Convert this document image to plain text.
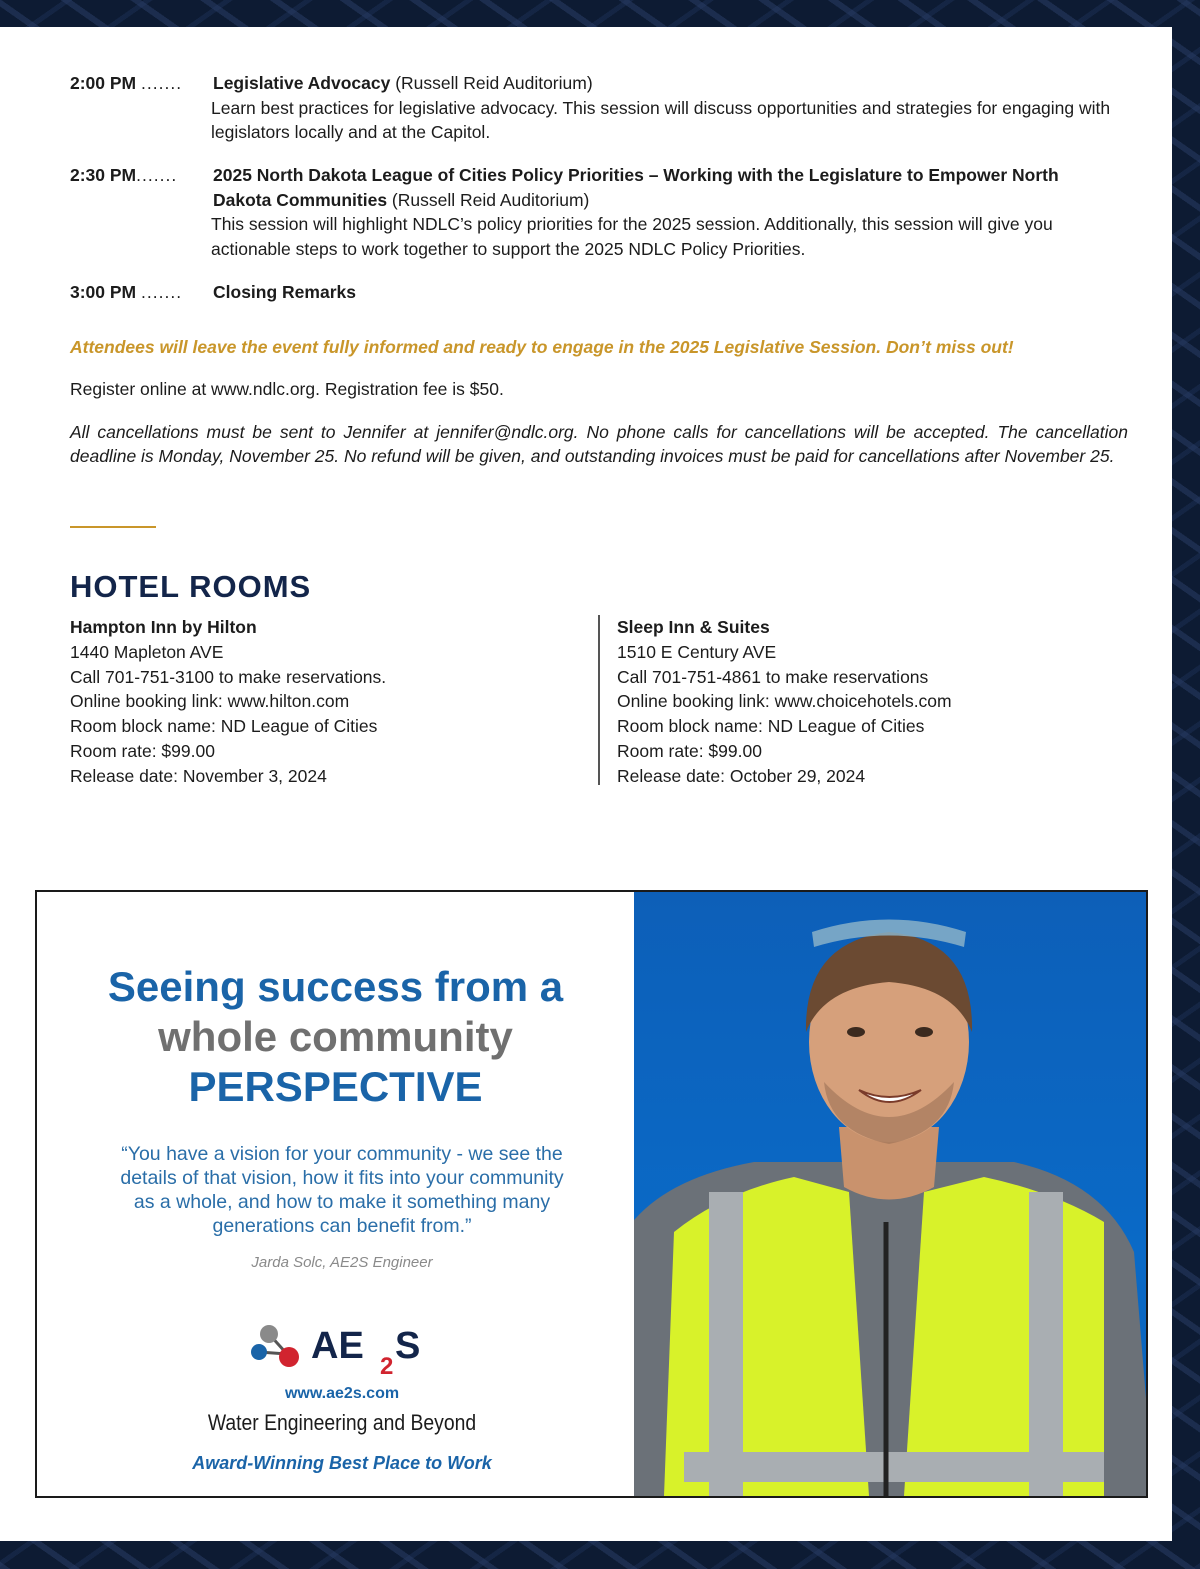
2:00 PM ....... Legislative Advocacy (Russell Reid Auditorium)
Learn best practices for legislative advocacy. This session will discuss opportunities and strategies for engaging with legislators locally and at the Capitol.
2:30 PM....... 2025 North Dakota League of Cities Policy Priorities – Working with the Legislature to Empower North Dakota Communities (Russell Reid Auditorium)
This session will highlight NDLC’s policy priorities for the 2025 session. Additionally, this session will give you actionable steps to work together to support the 2025 NDLC Policy Priorities.
3:00 PM ....... Closing Remarks
Attendees will leave the event fully informed and ready to engage in the 2025 Legislative Session. Don’t miss out!
Register online at www.ndlc.org. Registration fee is $50.
All cancellations must be sent to Jennifer at jennifer@ndlc.org. No phone calls for cancellations will be accepted. The cancellation deadline is Monday, November 25. No refund will be given, and outstanding invoices must be paid for cancellations after November 25.
HOTEL ROOMS
Hampton Inn by Hilton
1440 Mapleton AVE
Call 701-751-3100 to make reservations.
Online booking link: www.hilton.com
Room block name: ND League of Cities
Room rate: $99.00
Release date: November 3, 2024
Sleep Inn & Suites
1510 E Century AVE
Call 701-751-4861 to make reservations
Online booking link: www.choicehotels.com
Room block name: ND League of Cities
Room rate: $99.00
Release date: October 29, 2024
Seeing success from a
whole community
PERSPECTIVE
“You have a vision for your community - we see the details of that vision, how it fits into your community as a whole, and how to make it something many generations can benefit from.”
Jarda Solc, AE2S Engineer
AE 2 S
www.ae2s.com
Water Engineering and Beyond
Award-Winning Best Place to Work
